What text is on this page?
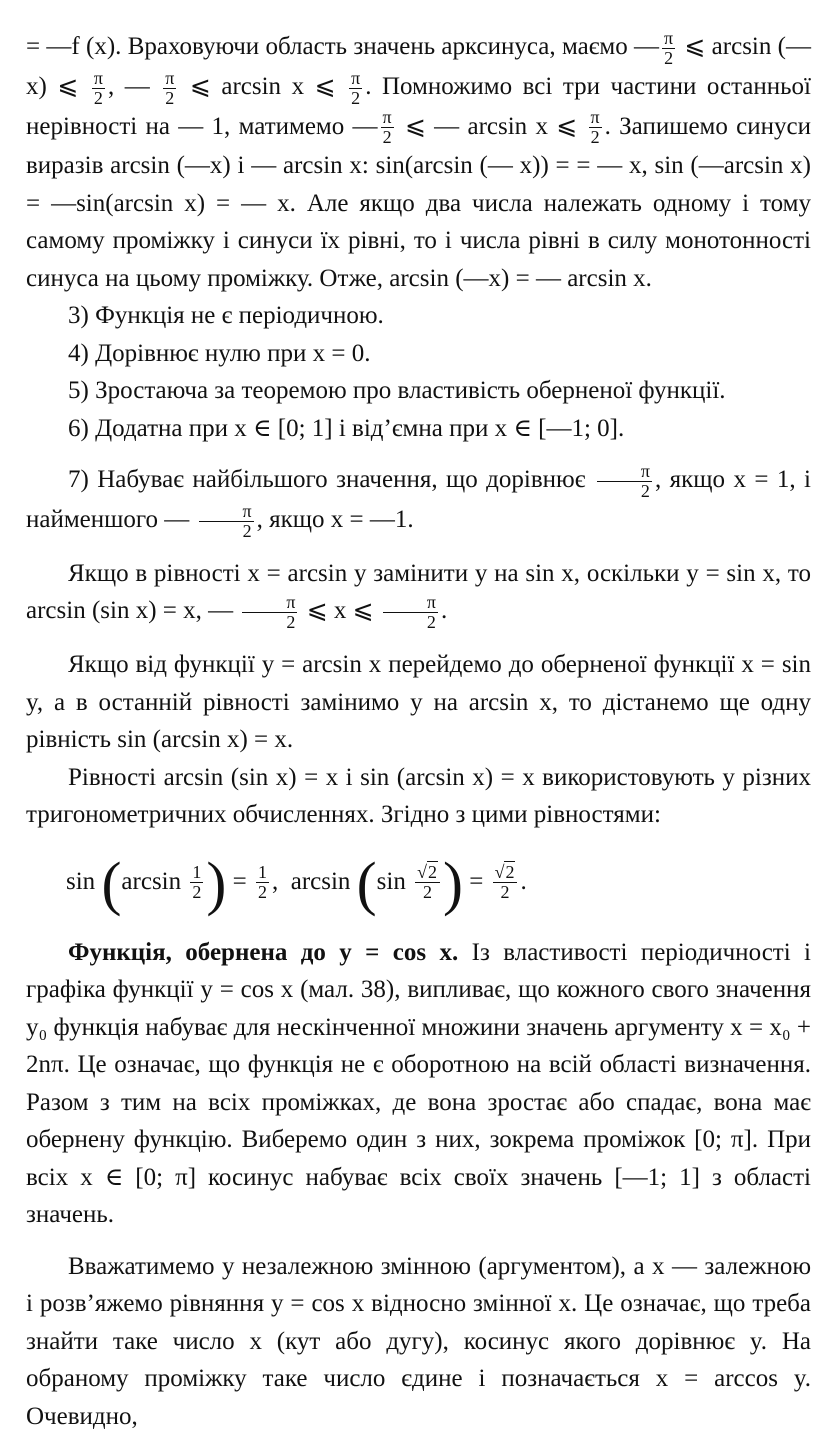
= —f (x). Враховуючи область значень арксинуса, маємо — $\frac{\pi}{2}$ ⩽ arcsin (—x) ⩽ $\frac{\pi}{2}$ , — $\frac{\pi}{2}$ ⩽ arcsin x ⩽ $\frac{\pi}{2}$ . Помножимо всі три частини останньої нерівності на — 1, матимемо — $\frac{\pi}{2}$ ⩽ — arcsin x ⩽ $\frac{\pi}{2}$ . Запишемо синуси виразів arcsin (—x) і — arcsin x: sin(arcsin (— x)) = = — x, sin (—arcsin x) = —sin(arcsin x) = — x. Але якщо два числа належать одному і тому самому проміжку і синуси їх рівні, то і числа рівні в силу монотонності синуса на цьому проміжку. Отже, arcsin (—x) = — arcsin x.

3) Функція не є періодичною.

4) Дорівнює нулю при x = 0.

5) Зростаюча за теоремою про властивість оберненої функції.

6) Додатна при x ∈ [0; 1] і від’ємна при x ∈ [—1; 0].

7) Набуває найбільшого значення, що дорівнює $\frac{\pi}{2}$ , якщо x = 1, і найменшого — $\frac{\pi}{2}$ , якщо x = —1.

Якщо в рівності x = arcsin y замінити y на sin x, оскільки y = sin x, то arcsin (sin x) = x, — $\frac{\pi}{2}$ ⩽ x ⩽ $\frac{\pi}{2}$ .

Якщо від функції y = arcsin x перейдемо до оберненої функції x = sin y, а в останній рівності замінимо y на arcsin x, то дістанемо ще одну рівність sin (arcsin x) = x.

Рівності arcsin (sin x) = x і sin (arcsin x) = x використовують у різних тригонометричних обчисленнях. Згідно з цими рівностями:

$\sin (\arcsin \frac{1}{2}$ ) = $\frac{1}{2}$ , $\arcsin (\sin \frac{√2}{2}$ ) = $\frac{√2}{2}$ .

Функція, обернена до y = cos x. Із властивості періодичності і графіка функції y = cos x (мал. 38), випливає, що кожного свого значення y₀ функція набуває для нескінченної множини значень аргументу x = x₀ + 2nπ. Це означає, що функція не є оборотною на всій області визначення. Разом з тим на всіх проміжках, де вона зростає або спадає, вона має обернену функцію. Виберемо один з них, зокрема проміжок [0; π]. При всіх x ∈ [0; π] косинус набуває всіх своїх значень [—1; 1] з області значень.

Вважатимемо y незалежною змінною (аргументом), а x — залежною і розв’яжемо рівняння y = cos x відносно змінної x. Це означає, що треба знайти таке число x (кут або дугу), косинус якого дорівнює y. На обраному проміжку таке число єдине і позначається x = arccos y. Очевидно,
